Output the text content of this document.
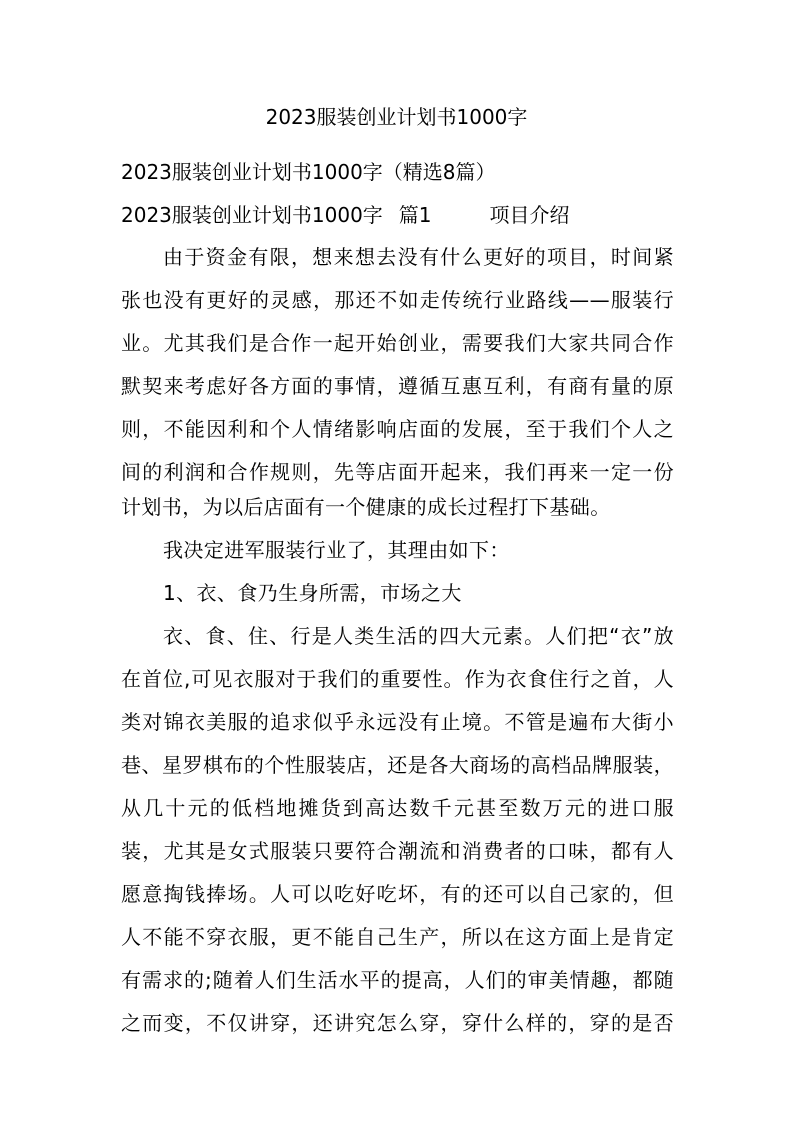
2023服装创业计划书1000字
2023服装创业计划书1000字（精选8篇）
2023服装创业计划书1000字 篇1	项目介绍
由于资金有限，想来想去没有什么更好的项目，时间紧
张也没有更好的灵感，那还不如走传统行业路线——服装行
业。尤其我们是合作一起开始创业，需要我们大家共同合作
默契来考虑好各方面的事情，遵循互惠互利，有商有量的原
则，不能因利和个人情绪影响店面的发展，至于我们个人之
间的利润和合作规则，先等店面开起来，我们再来一定一份
计划书，为以后店面有一个健康的成长过程打下基础。
我决定进军服装行业了，其理由如下：
1、衣、食乃生身所需，市场之大
衣、食、住、行是人类生活的四大元素。人们把“衣”放
在首位,可见衣服对于我们的重要性。作为衣食住行之首，人
类对锦衣美服的追求似乎永远没有止境。不管是遍布大街小
巷、星罗棋布的个性服装店，还是各大商场的高档品牌服装，
从几十元的低档地摊货到高达数千元甚至数万元的进口服
装，尤其是女式服装只要符合潮流和消费者的口味，都有人
愿意掏钱捧场。人可以吃好吃坏，有的还可以自己家的，但
人不能不穿衣服，更不能自己生产，所以在这方面上是肯定
有需求的;随着人们生活水平的提高，人们的审美情趣，都随
之而变，不仅讲穿，还讲究怎么穿，穿什么样的，穿的是否
